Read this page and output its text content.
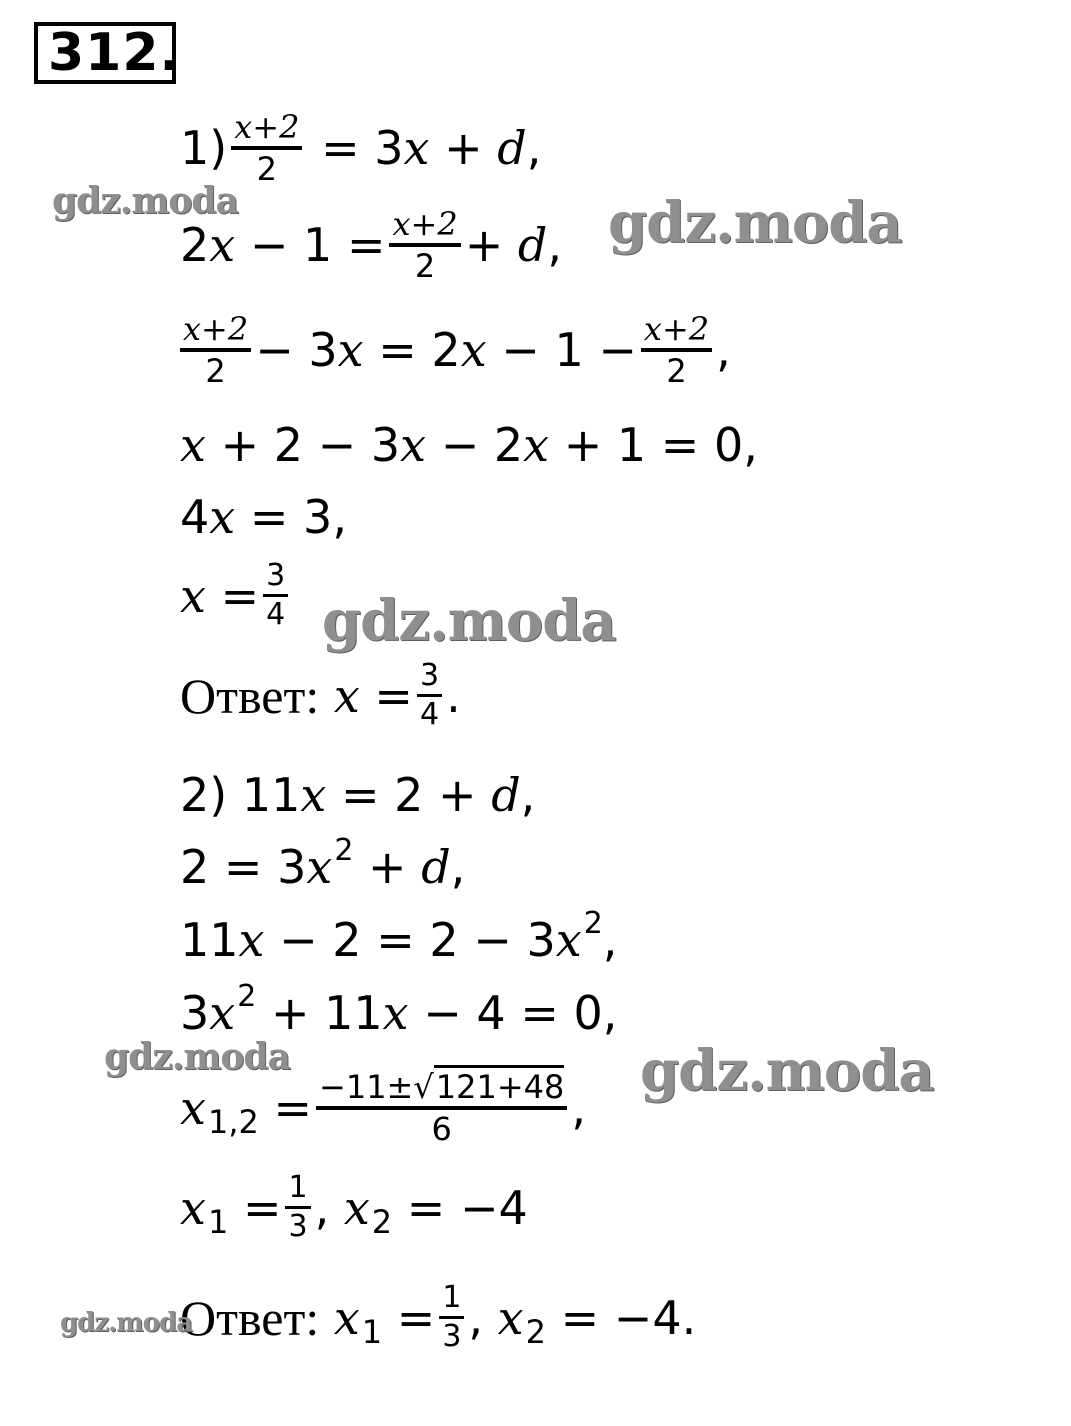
312.
$1) \frac{x+2}{2}$
=
3 x
+
d ,
2 x
−
1
= $\frac{x+2}{2}$ +
d ,
$\frac{x+2}{2}$ −
3 x
=
2 x
−
1
− $\frac{x+2}{2}$ ,
x
+
2
−
3 x
−
2 x
+
1
=
0 ,
4 x
=
3 ,
x
= $\frac{3}{4}$
Ответ:
x
= $\frac{3}{4}$ .
2)
11 x
=
2
+
d ,
2
=
3 x 2
+
d ,
11 x
−
2
=
2
−
3 x 2 ,
3 x 2
+
11 x
−
4
=
0 ,
x 1,2
= $\frac{-11\pm√121+48}{6}$ ,
x 1
= $\frac{1}{3}$ ,
x 2
=
− 4
Ответ:
x 1
= $\frac{1}{3}$ ,
x 2
=
− 4 .
gdz.moda	gdz.moda
gdz.moda
gdz.moda	gdz.moda
gdz.moda
